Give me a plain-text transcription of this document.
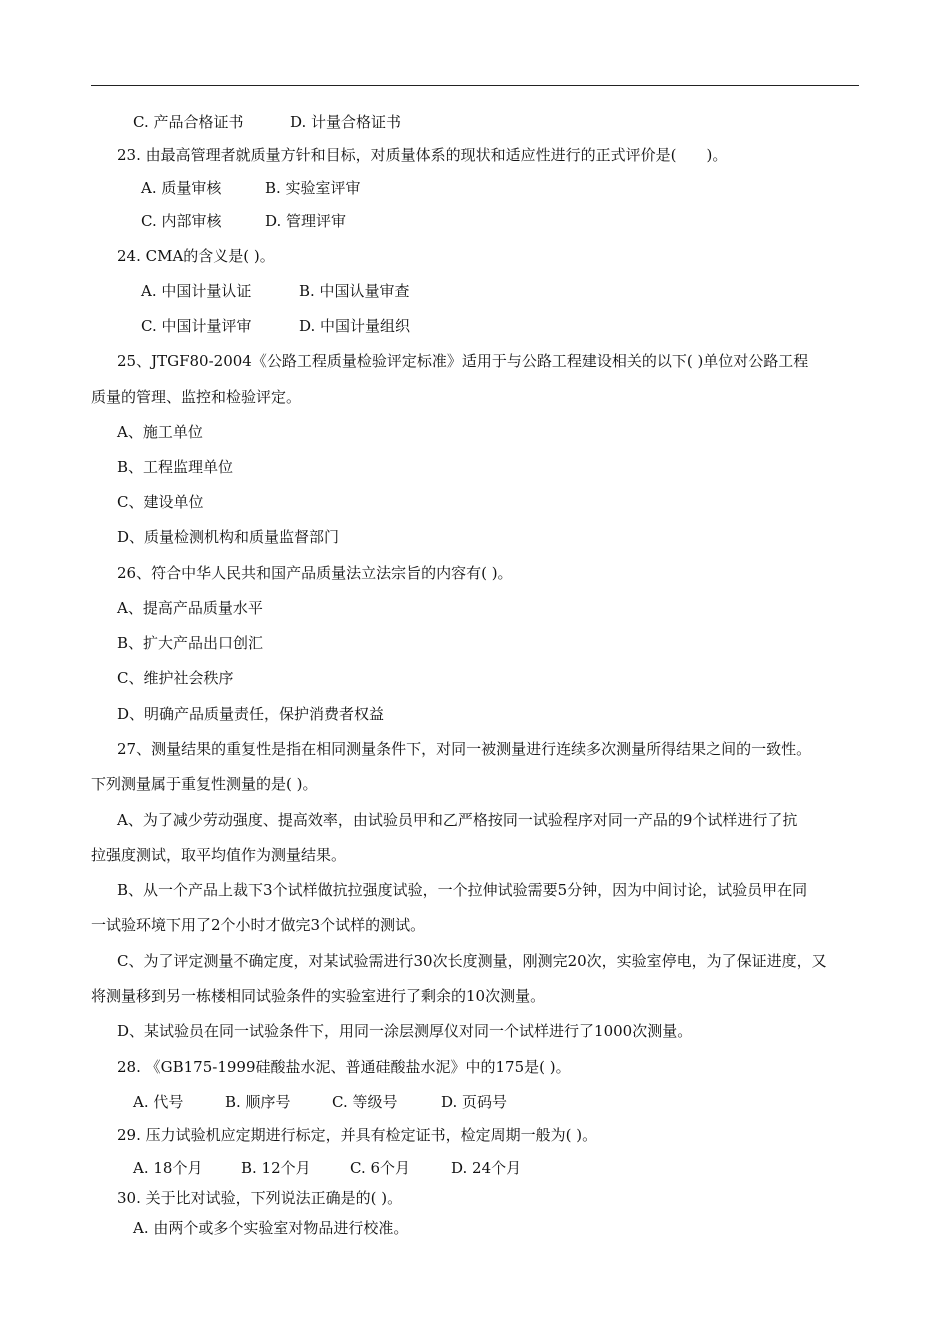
C. 产品合格证书	D. 计量合格证书
23. 由最高管理者就质量方针和目标，对质量体系的现状和适应性进行的正式评价是(　　)。
A. 质量审核	B. 实验室评审
C. 内部审核	D. 管理评审
24. CMA的含义是( )。
A. 中国计量认证	B. 中国认量审查
C. 中国计量评审	D. 中国计量组织
25、JTGF80-2004《公路工程质量检验评定标准》适用于与公路工程建设相关的以下( )单位对公路工程
质量的管理、监控和检验评定。
A、施工单位
B、工程监理单位
C、建设单位
D、质量检测机构和质量监督部门
26、符合中华人民共和国产品质量法立法宗旨的内容有( )。
A、提高产品质量水平
B、扩大产品出口创汇
C、维护社会秩序
D、明确产品质量责任，保护消费者权益
27、测量结果的重复性是指在相同测量条件下，对同一被测量进行连续多次测量所得结果之间的一致性。
下列测量属于重复性测量的是( )。
A、为了减少劳动强度、提高效率，由试验员甲和乙严格按同一试验程序对同一产品的9个试样进行了抗
拉强度测试，取平均值作为测量结果。
B、从一个产品上裁下3个试样做抗拉强度试验，一个拉伸试验需要5分钟，因为中间讨论，试验员甲在同
一试验环境下用了2个小时才做完3个试样的测试。
C、为了评定测量不确定度，对某试验需进行30次长度测量，刚测完20次，实验室停电，为了保证进度，又
将测量移到另一栋楼相同试验条件的实验室进行了剩余的10次测量。
D、某试验员在同一试验条件下，用同一涂层测厚仪对同一个试样进行了1000次测量。
28. 《GB175-1999硅酸盐水泥、普通硅酸盐水泥》中的175是( )。
A. 代号	B. 顺序号	C. 等级号	D. 页码号
29. 压力试验机应定期进行标定，并具有检定证书，检定周期一般为( )。
A. 18个月	B. 12个月	C. 6个月	D. 24个月
30. 关于比对试验，下列说法正确是的( )。
A. 由两个或多个实验室对物品进行校准。
